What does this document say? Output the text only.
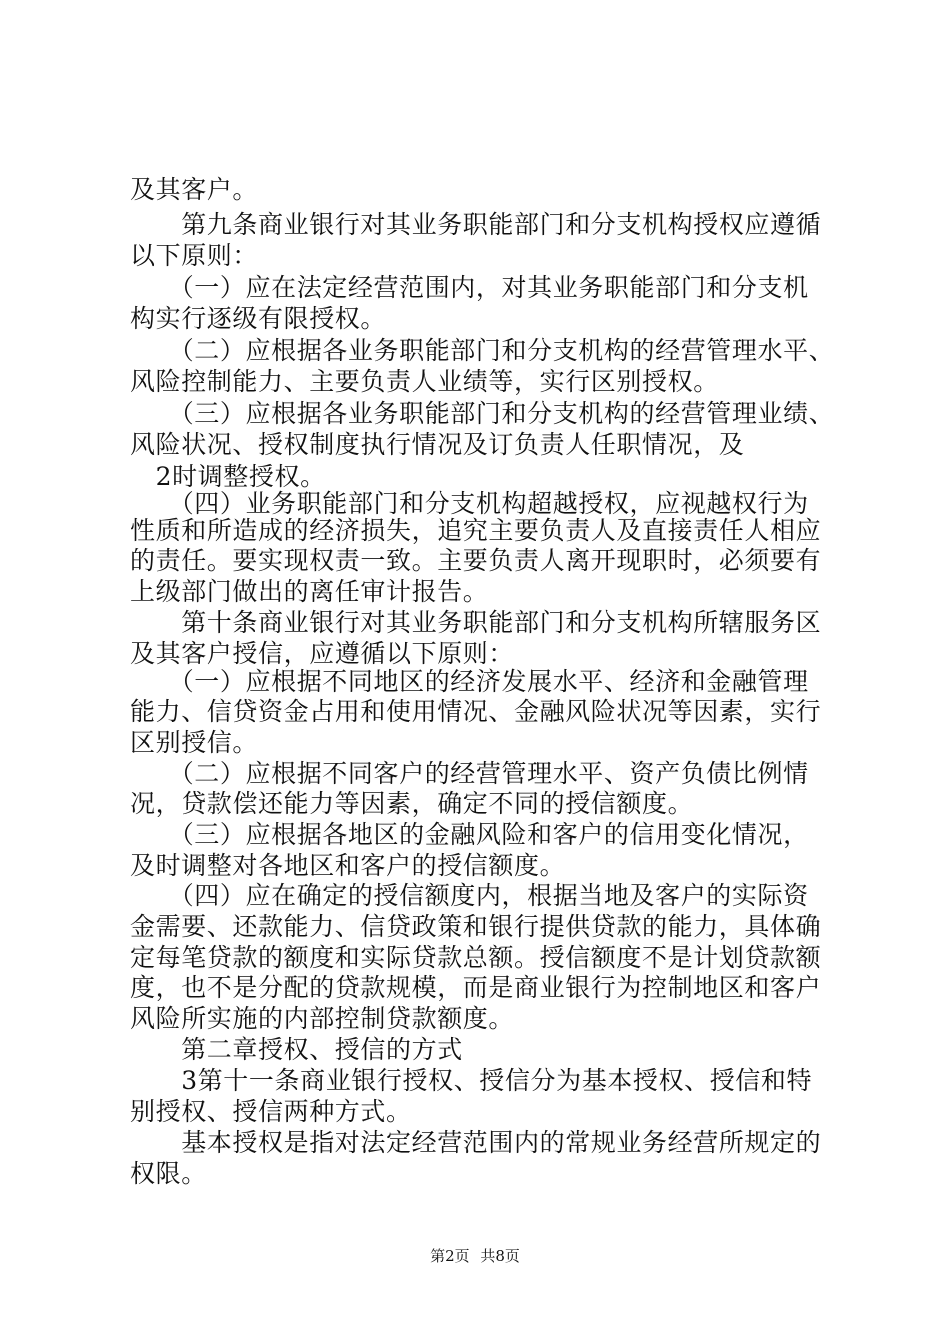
及其客户。
　　第九条商业银行对其业务职能部门和分支机构授权应遵循
以下原则：
　　（一）应在法定经营范围内，对其业务职能部门和分支机
构实行逐级有限授权。
　　（二）应根据各业务职能部门和分支机构的经营管理水平、
风险控制能力、主要负责人业绩等，实行区别授权。
　　（三）应根据各业务职能部门和分支机构的经营管理业绩、
风险状况、授权制度执行情况及订负责人任职情况，及
　2时调整授权。
　　（四）业务职能部门和分支机构超越授权，应视越权行为
性质和所造成的经济损失，追究主要负责人及直接责任人相应
的责任。要实现权责一致。主要负责人离开现职时，必须要有
上级部门做出的离任审计报告。
　　第十条商业银行对其业务职能部门和分支机构所辖服务区
及其客户授信，应遵循以下原则：
　　（一）应根据不同地区的经济发展水平、经济和金融管理
能力、信贷资金占用和使用情况、金融风险状况等因素，实行
区别授信。
　　（二）应根据不同客户的经营管理水平、资产负债比例情
况，贷款偿还能力等因素，确定不同的授信额度。
　　（三）应根据各地区的金融风险和客户的信用变化情况，
及时调整对各地区和客户的授信额度。
　　（四）应在确定的授信额度内，根据当地及客户的实际资
金需要、还款能力、信贷政策和银行提供贷款的能力，具体确
定每笔贷款的额度和实际贷款总额。授信额度不是计划贷款额
度，也不是分配的贷款规模，而是商业银行为控制地区和客户
风险所实施的内部控制贷款额度。
　　第二章授权、授信的方式
　　3第十一条商业银行授权、授信分为基本授权、授信和特
别授权、授信两种方式。
　　基本授权是指对法定经营范围内的常规业务经营所规定的
权限。
第2页 共8页
